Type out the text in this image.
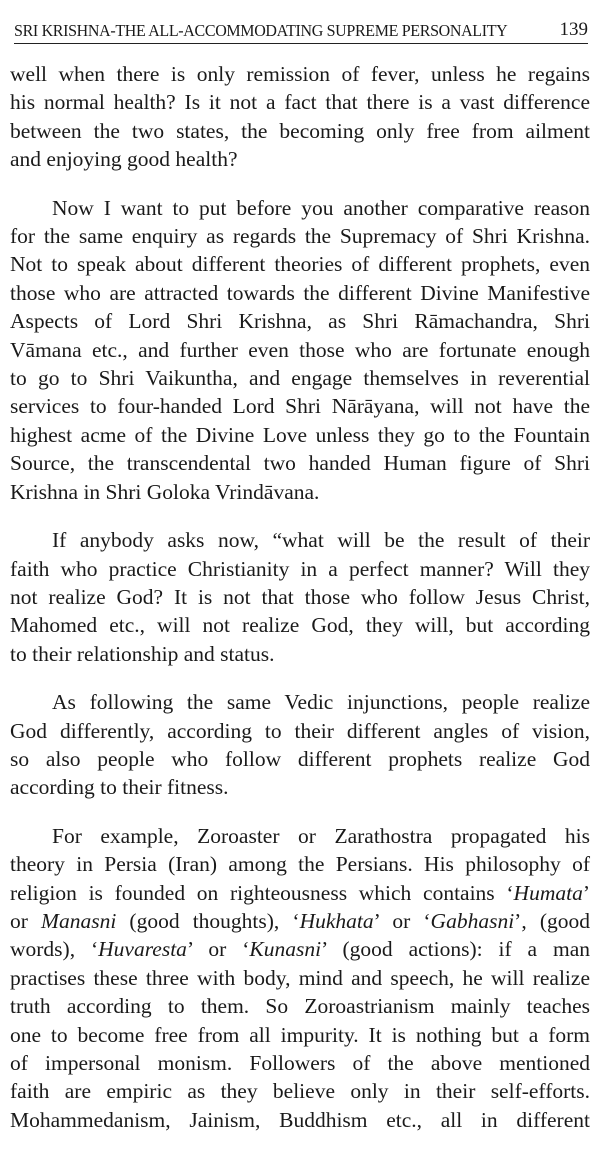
SRI KRISHNA-THE ALL-ACCOMMODATING SUPREME PERSONALITY	139

well when there is only remission of fever, unless he regains
his normal health? Is it not a fact that there is a vast difference
between the two states, the becoming only free from ailment
and enjoying good health?

Now I want to put before you another comparative reason
for the same enquiry as regards the Supremacy of Shri Krishna.
Not to speak about different theories of different prophets, even
those who are attracted towards the different Divine Manifestive
Aspects of Lord Shri Krishna, as Shri Rāmachandra, Shri
Vāmana etc., and further even those who are fortunate enough
to go to Shri Vaikuntha, and engage themselves in reverential
services to four-handed Lord Shri Nārāyana, will not have the
highest acme of the Divine Love unless they go to the Fountain
Source, the transcendental two handed Human figure of Shri
Krishna in Shri Goloka Vrindāvana.

If anybody asks now, “what will be the result of their
faith who practice Christianity in a perfect manner? Will they
not realize God? It is not that those who follow Jesus Christ,
Mahomed etc., will not realize God, they will, but according
to their relationship and status.

As following the same Vedic injunctions, people realize
God differently, according to their different angles of vision,
so also people who follow different prophets realize God
according to their fitness.

For example, Zoroaster or Zarathostra propagated his
theory in Persia (Iran) among the Persians. His philosophy of
religion is founded on righteousness which contains ‘Humata’
or Manasni (good thoughts), ‘Hukhata’ or ‘Gabhasni’, (good
words), ‘Huvaresta’ or ‘Kunasni’ (good actions): if a man
practises these three with body, mind and speech, he will realize
truth according to them. So Zoroastrianism mainly teaches
one to become free from all impurity. It is nothing but a form
of impersonal monism. Followers of the above mentioned
faith are empiric as they believe only in their self-efforts.
Mohammedanism, Jainism, Buddhism etc., all in different
